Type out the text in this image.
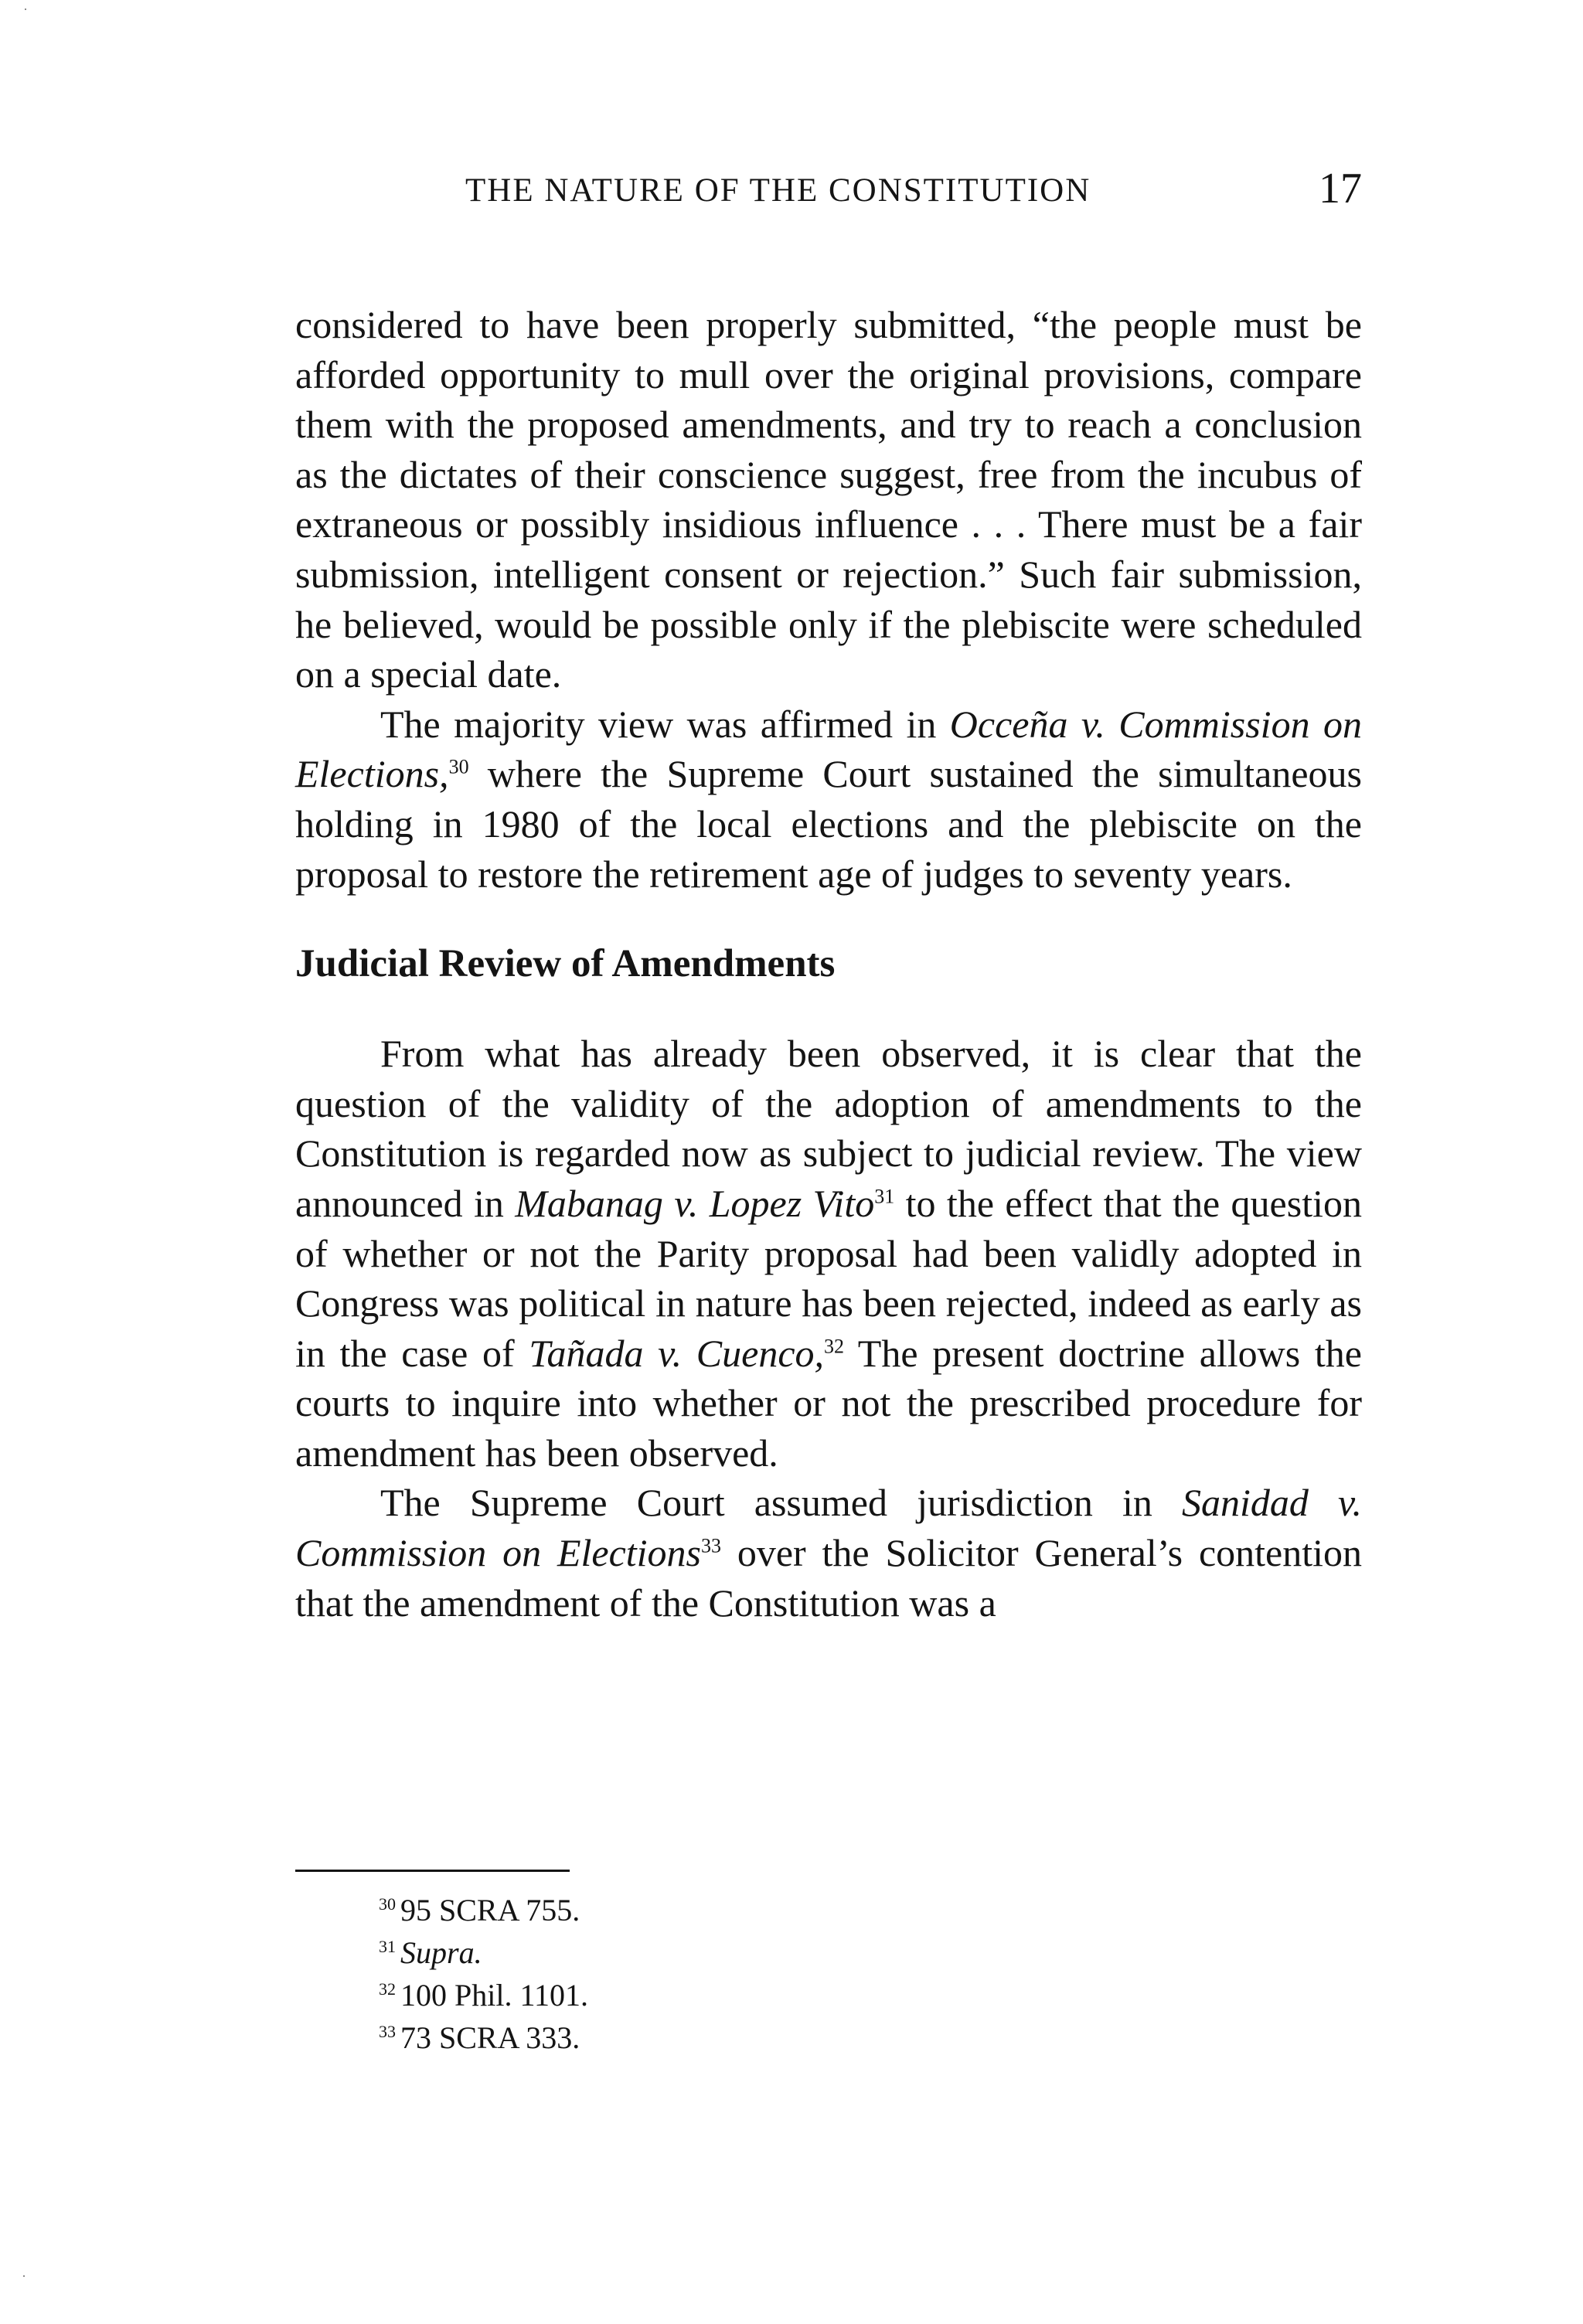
THE NATURE OF THE CONSTITUTION	17

considered to have been properly submitted, “the people must be afforded opportunity to mull over the original provisions, compare them with the proposed amendments, and try to reach a conclusion as the dictates of their conscience suggest, free from the incubus of extraneous or possibly insidious influence . . . There must be a fair submission, intelligent consent or rejection.” Such fair submission, he believed, would be possible only if the plebiscite were scheduled on a special date.

The majority view was affirmed in Occeña v. Commission on Elections,$^{30}$ where the Supreme Court sustained the simultaneous holding in 1980 of the local elections and the plebiscite on the proposal to restore the retirement age of judges to seventy years.

Judicial Review of Amendments

From what has already been observed, it is clear that the question of the validity of the adoption of amendments to the Constitution is regarded now as subject to judicial review. The view announced in Mabanag v. Lopez Vito$^{31}$ to the effect that the question of whether or not the Parity proposal had been validly adopted in Congress was political in nature has been rejected, indeed as early as in the case of Tañada v. Cuenco,$^{32}$ The present doctrine allows the courts to inquire into whether or not the prescribed procedure for amendment has been observed.

The Supreme Court assumed jurisdiction in Sanidad v. Commission on Elections$^{33}$ over the Solicitor General’s contention that the amendment of the Constitution was a

$^{30}$ 95 SCRA 755.

$^{31}$ Supra.

$^{32}$ 100 Phil. 1101.

$^{33}$ 73 SCRA 333.

·
·
